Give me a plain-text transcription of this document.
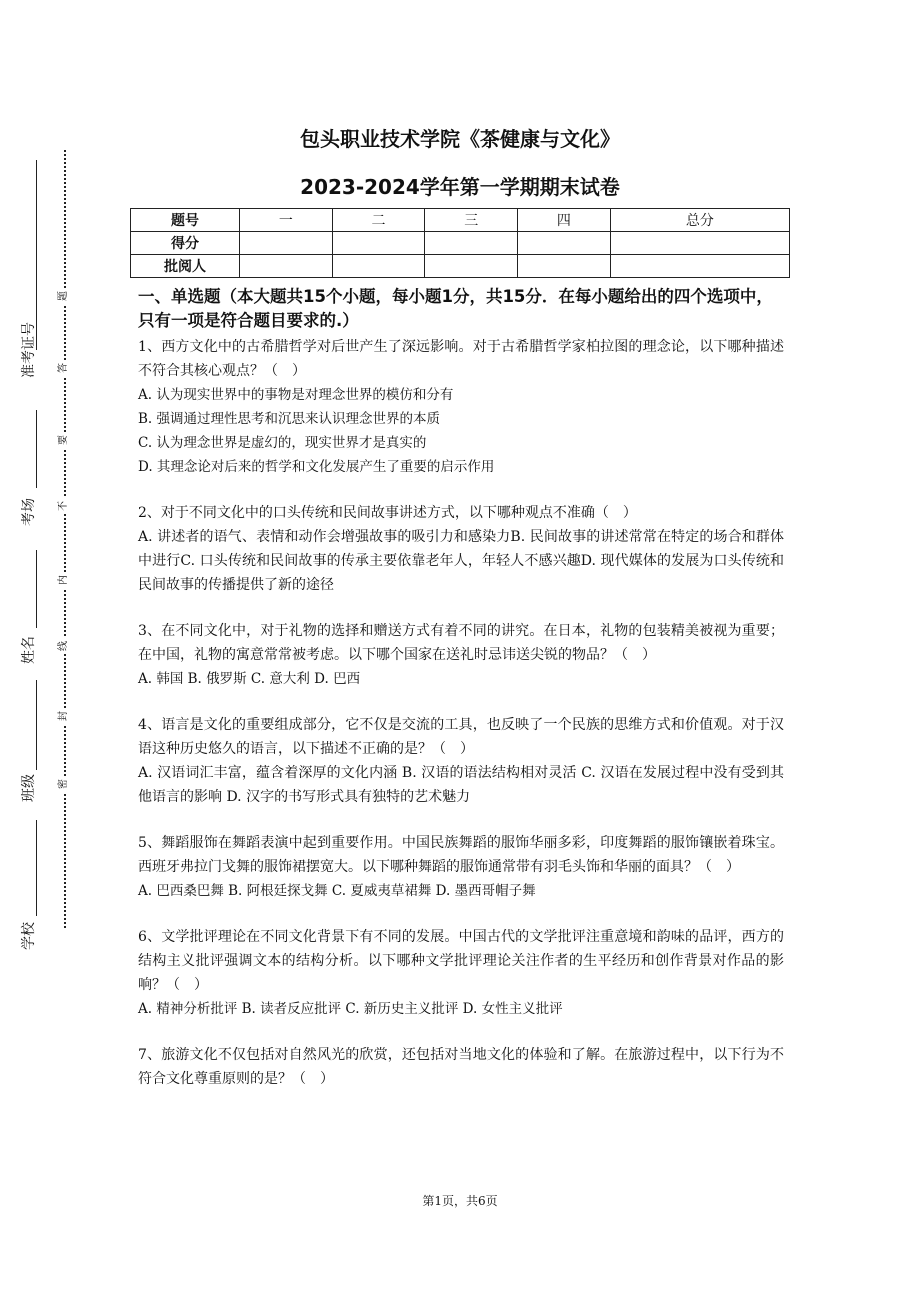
准考证号
考场
姓名
班级
学校
题
答
要
不
内
线
封
密
包头职业技术学院《茶健康与文化》
2023-2024学年第一学期期末试卷
题号	一	二	三	四	总分
得分					
批阅人					

一、单选题（本大题共15个小题，每小题1分，共15分．在每小题给出的四个选项中，只有一项是符合题目要求的.）

1、西方文化中的古希腊哲学对后世产生了深远影响。对于古希腊哲学家柏拉图的理念论，以下哪种描述不符合其核心观点？（　）

A. 认为现实世界中的事物是对理念世界的模仿和分有

B. 强调通过理性思考和沉思来认识理念世界的本质

C. 认为理念世界是虚幻的，现实世界才是真实的

D. 其理念论对后来的哲学和文化发展产生了重要的启示作用

2、对于不同文化中的口头传统和民间故事讲述方式，以下哪种观点不准确（　）

A. 讲述者的语气、表情和动作会增强故事的吸引力和感染力B. 民间故事的讲述常常在特定的场合和群体中进行C. 口头传统和民间故事的传承主要依靠老年人，年轻人不感兴趣D. 现代媒体的发展为口头传统和民间故事的传播提供了新的途径

3、在不同文化中，对于礼物的选择和赠送方式有着不同的讲究。在日本，礼物的包装精美被视为重要；在中国，礼物的寓意常常被考虑。以下哪个国家在送礼时忌讳送尖锐的物品？（　）

A. 韩国 B. 俄罗斯 C. 意大利 D. 巴西

4、语言是文化的重要组成部分，它不仅是交流的工具，也反映了一个民族的思维方式和价值观。对于汉语这种历史悠久的语言，以下描述不正确的是？（　）

A. 汉语词汇丰富，蕴含着深厚的文化内涵 B. 汉语的语法结构相对灵活 C. 汉语在发展过程中没有受到其他语言的影响 D. 汉字的书写形式具有独特的艺术魅力

5、舞蹈服饰在舞蹈表演中起到重要作用。中国民族舞蹈的服饰华丽多彩，印度舞蹈的服饰镶嵌着珠宝。西班牙弗拉门戈舞的服饰裙摆宽大。以下哪种舞蹈的服饰通常带有羽毛头饰和华丽的面具？（　）

A. 巴西桑巴舞 B. 阿根廷探戈舞 C. 夏威夷草裙舞 D. 墨西哥帽子舞

6、文学批评理论在不同文化背景下有不同的发展。中国古代的文学批评注重意境和韵味的品评，西方的结构主义批评强调文本的结构分析。以下哪种文学批评理论关注作者的生平经历和创作背景对作品的影响？（　）

A. 精神分析批评 B. 读者反应批评 C. 新历史主义批评 D. 女性主义批评

7、旅游文化不仅包括对自然风光的欣赏，还包括对当地文化的体验和了解。在旅游过程中，以下行为不符合文化尊重原则的是？（　）

第1页，共6页
